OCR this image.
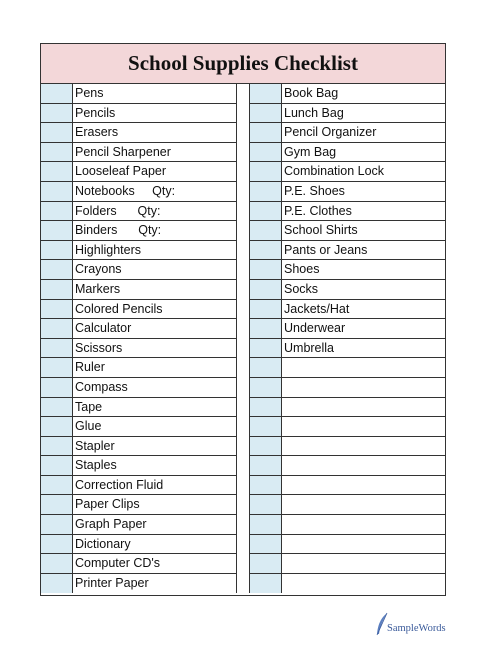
School Supplies Checklist
Pens
Pencils
Erasers
Pencil Sharpener
Looseleaf Paper
Notebooks     Qty:
Folders      Qty:
Binders      Qty:
Highlighters
Crayons
Markers
Colored Pencils
Calculator
Scissors
Ruler
Compass
Tape
Glue
Stapler
Staples
Correction Fluid
Paper Clips
Graph Paper
Dictionary
Computer CD's
Printer Paper
Book Bag
Lunch Bag
Pencil Organizer
Gym Bag
Combination Lock
P.E. Shoes
P.E. Clothes
School Shirts
Pants or Jeans
Shoes
Socks
Jackets/Hat
Underwear
Umbrella
SampleWords
